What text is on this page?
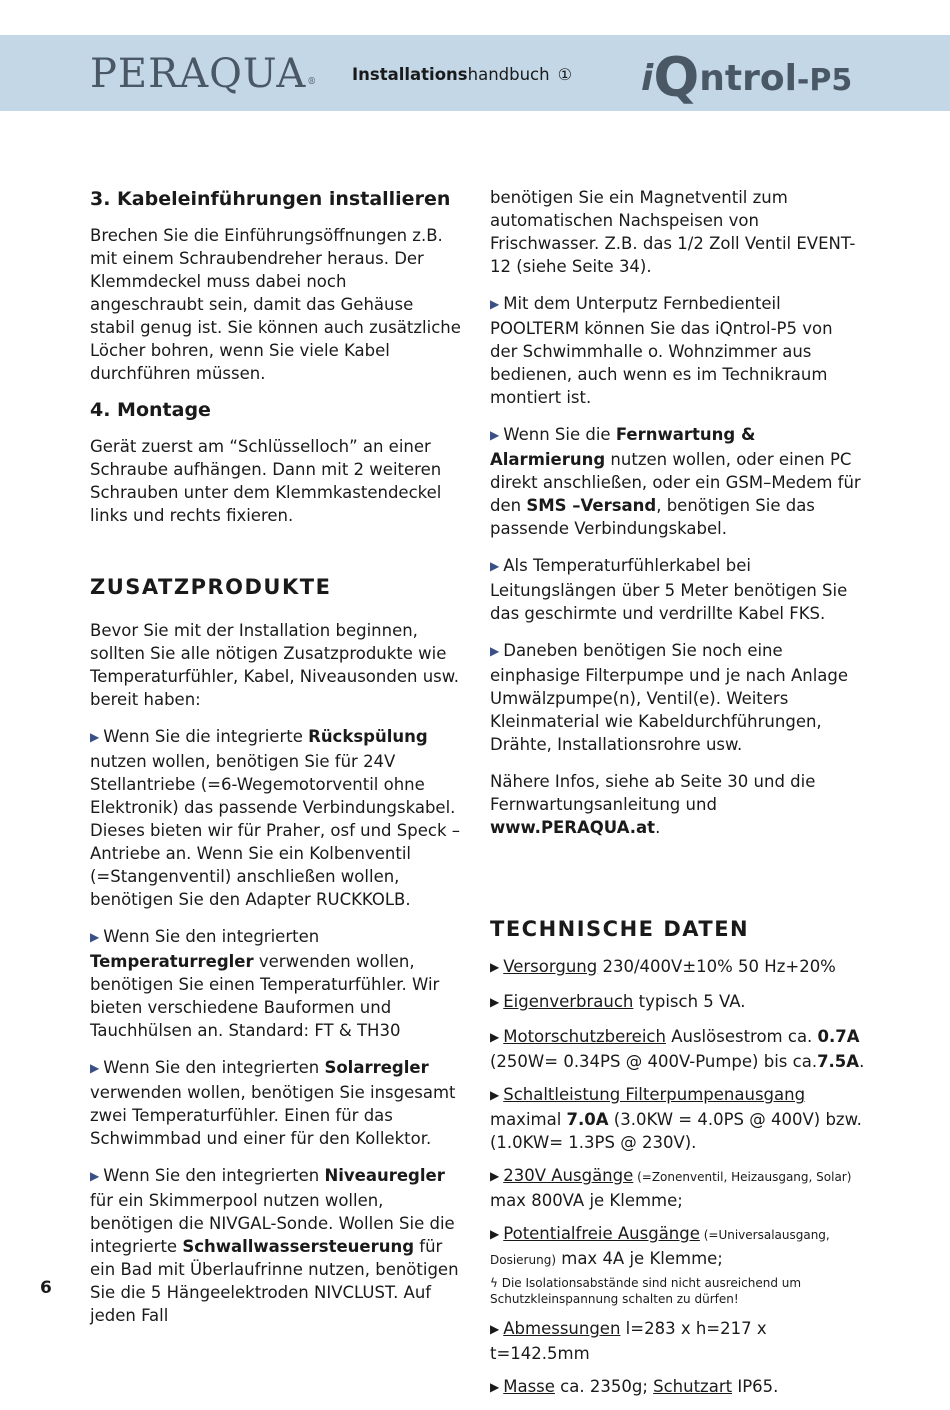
PERAQUA® Installationshandbuch ① iQntrol-P5
3. Kabeleinführungen installieren

Brechen Sie die Einführungsöffnungen z.B. mit einem Schraubendreher heraus. Der Klemmdeckel muss dabei noch angeschraubt sein, damit das Gehäuse stabil genug ist. Sie können auch zusätzliche Löcher bohren, wenn Sie viele Kabel durchführen müssen.

4. Montage

Gerät zuerst am “Schlüsselloch” an einer Schraube aufhängen. Dann mit 2 weiteren Schrauben unter dem Klemmkastendeckel links und rechts fixieren.

ZUSATZPRODUKTE

Bevor Sie mit der Installation beginnen, sollten Sie alle nötigen Zusatzprodukte wie Temperaturfühler, Kabel, Niveausonden usw. bereit haben:

▶ Wenn Sie die integrierte Rückspülung nutzen wollen, benötigen Sie für 24V Stellantriebe (=6-Wegemotorventil ohne Elektronik) das passende Verbindungskabel. Dieses bieten wir für Praher, osf und Speck – Antriebe an. Wenn Sie ein Kolbenventil (=Stangenventil) anschließen wollen, benötigen Sie den Adapter RUCKKOLB.

▶ Wenn Sie den integrierten Temperaturregler verwenden wollen, benötigen Sie einen Temperaturfühler. Wir bieten verschiedene Bauformen und Tauchhülsen an. Standard: FT & TH30

▶ Wenn Sie den integrierten Solarregler verwenden wollen, benötigen Sie insgesamt zwei Temperaturfühler. Einen für das Schwimmbad und einer für den Kollektor.

▶ Wenn Sie den integrierten Niveauregler für ein Skimmerpool nutzen wollen, benötigen die NIVGAL-Sonde. Wollen Sie die integrierte Schwallwassersteuerung für ein Bad mit Überlaufrinne nutzen, benötigen Sie die 5 Hängeelektroden NIVCLUST. Auf jeden Fall

benötigen Sie ein Magnetventil zum automatischen Nachspeisen von Frischwasser. Z.B. das 1/2 Zoll Ventil EVENT-12 (siehe Seite 34).

▶ Mit dem Unterputz Fernbedienteil POOLTERM können Sie das iQntrol-P5 von der Schwimmhalle o. Wohnzimmer aus bedienen, auch wenn es im Technikraum montiert ist.

▶ Wenn Sie die Fernwartung & Alarmierung nutzen wollen, oder einen PC direkt anschließen, oder ein GSM–Medem für den SMS –Versand, benötigen Sie das passende Verbindungskabel.

▶ Als Temperaturfühlerkabel bei Leitungslängen über 5 Meter benötigen Sie das geschirmte und verdrillte Kabel FKS.

▶ Daneben benötigen Sie noch eine einphasige Filterpumpe und je nach Anlage Umwälzpumpe(n), Ventil(e). Weiters Kleinmaterial wie Kabeldurchführungen, Drähte, Installationsrohre usw.

Nähere Infos, siehe ab Seite 30 und die Fernwartungsanleitung und www.PERAQUA.at.

TECHNISCHE DATEN
▶ Versorgung 230/400V±10% 50 Hz+20%
▶ Eigenverbrauch typisch 5 VA.
▶ Motorschutzbereich Auslösestrom ca. 0.7A (250W= 0.34PS @ 400V-Pumpe) bis ca.7.5A.
▶ Schaltleistung Filterpumpenausgang maximal 7.0A (3.0KW = 4.0PS @ 400V) bzw. (1.0KW= 1.3PS @ 230V).
▶ 230V Ausgänge (=Zonenventil, Heizausgang, Solar) max 800VA je Klemme;
▶ Potentialfreie Ausgänge (=Universalausgang, Dosierung) max 4A je Klemme;
ϟ Die Isolationsabstände sind nicht ausreichend um Schutzkleinspannung schalten zu dürfen!
▶ Abmessungen l=283 x h=217 x t=142.5mm
▶ Masse ca. 2350g; Schutzart IP65.
6
